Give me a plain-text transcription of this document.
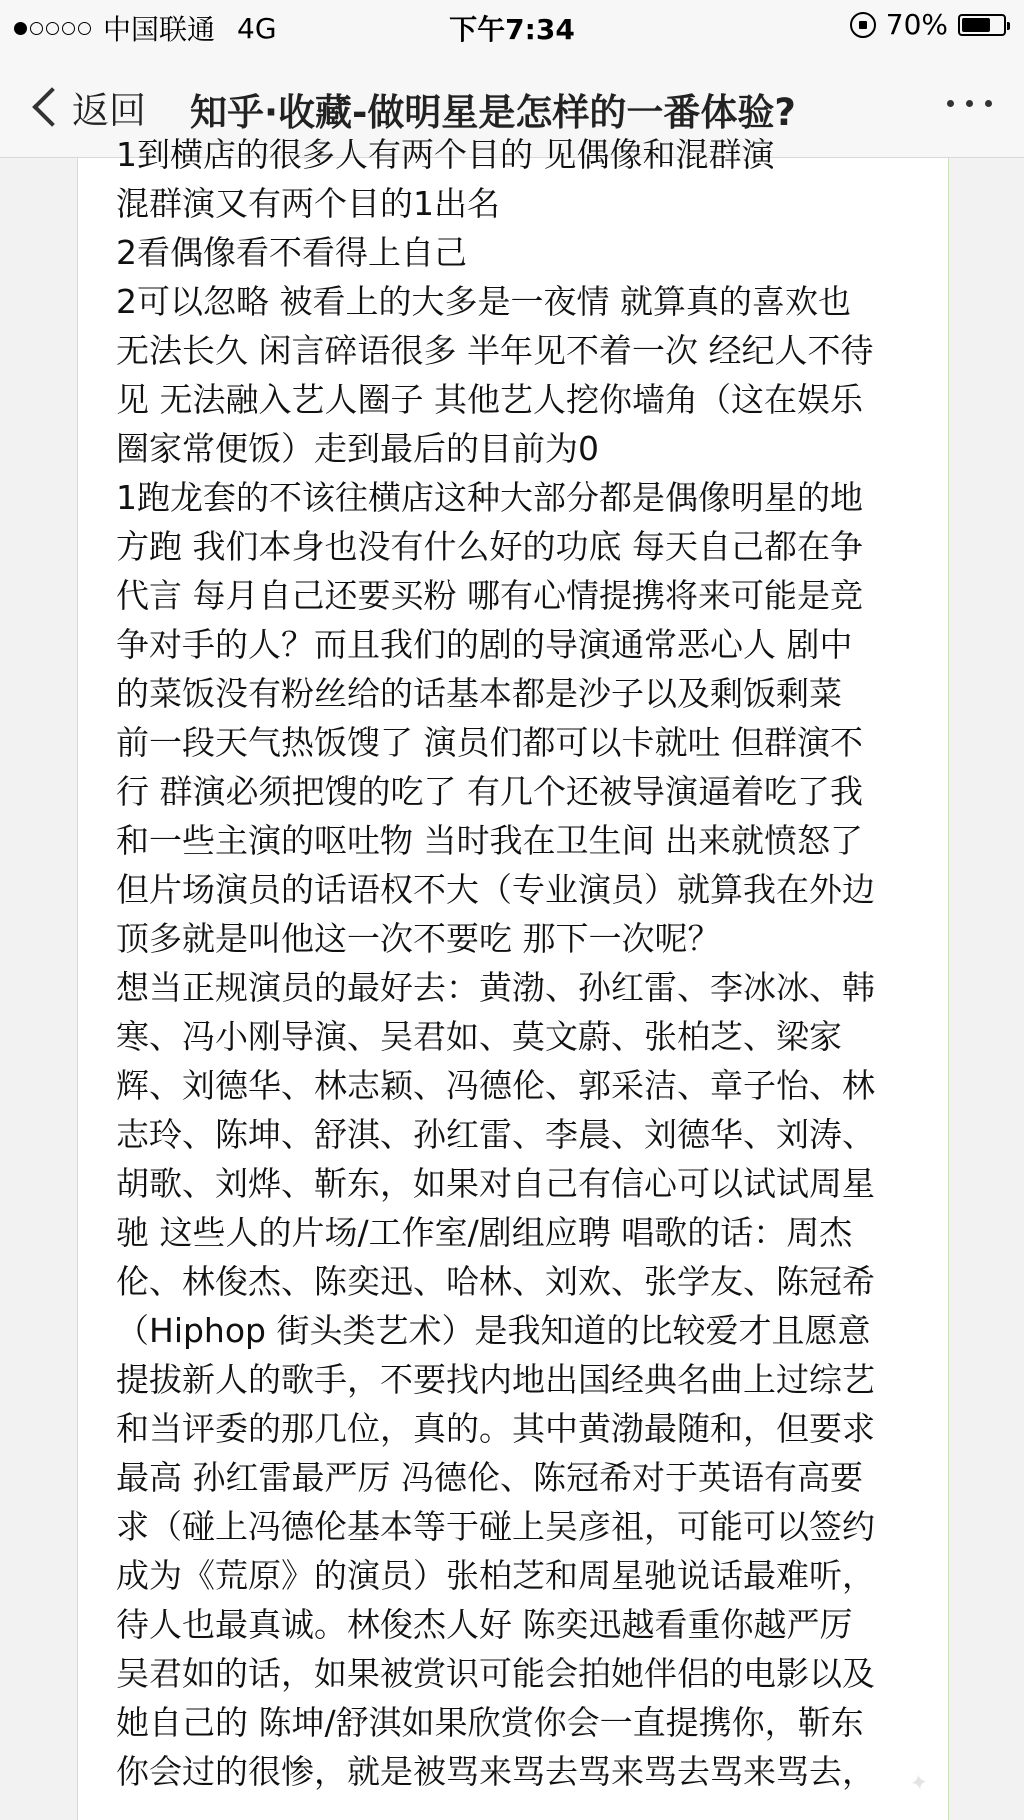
中国联通 4G	下午7:34	70%
返回 知乎·收藏-做明星是怎样的一番体验?

1到横店的很多人有两个目的 见偶像和混群演

混群演又有两个目的1出名

2看偶像看不看得上自己

2可以忽略 被看上的大多是一夜情 就算真的喜欢也

无法长久 闲言碎语很多 半年见不着一次 经纪人不待

见 无法融入艺人圈子 其他艺人挖你墙角（这在娱乐

圈家常便饭）走到最后的目前为0

1跑龙套的不该往横店这种大部分都是偶像明星的地

方跑 我们本身也没有什么好的功底 每天自己都在争

代言 每月自己还要买粉 哪有心情提携将来可能是竞

争对手的人？而且我们的剧的导演通常恶心人 剧中

的菜饭没有粉丝给的话基本都是沙子以及剩饭剩菜

前一段天气热饭馊了 演员们都可以卡就吐 但群演不

行 群演必须把馊的吃了 有几个还被导演逼着吃了我

和一些主演的呕吐物 当时我在卫生间 出来就愤怒了

但片场演员的话语权不大（专业演员）就算我在外边

顶多就是叫他这一次不要吃 那下一次呢？

想当正规演员的最好去：黄渤、孙红雷、李冰冰、韩

寒、冯小刚导演、吴君如、莫文蔚、张柏芝、梁家

辉、刘德华、林志颖、冯德伦、郭采洁、章子怡、林

志玲、陈坤、舒淇、孙红雷、李晨、刘德华、刘涛、

胡歌、刘烨、靳东，如果对自己有信心可以试试周星

驰 这些人的片场/工作室/剧组应聘 唱歌的话：周杰

伦、林俊杰、陈奕迅、哈林、刘欢、张学友、陈冠希

（Hiphop 街头类艺术）是我知道的比较爱才且愿意

提拔新人的歌手，不要找内地出国经典名曲上过综艺

和当评委的那几位，真的。其中黄渤最随和，但要求

最高 孙红雷最严厉 冯德伦、陈冠希对于英语有高要

求（碰上冯德伦基本等于碰上吴彦祖，可能可以签约

成为《荒原》的演员）张柏芝和周星驰说话最难听，

待人也最真诚。林俊杰人好 陈奕迅越看重你越严厉

吴君如的话，如果被赏识可能会拍她伴侣的电影以及

她自己的 陈坤/舒淇如果欣赏你会一直提携你，靳东

你会过的很惨，就是被骂来骂去骂来骂去骂来骂去，	✦
